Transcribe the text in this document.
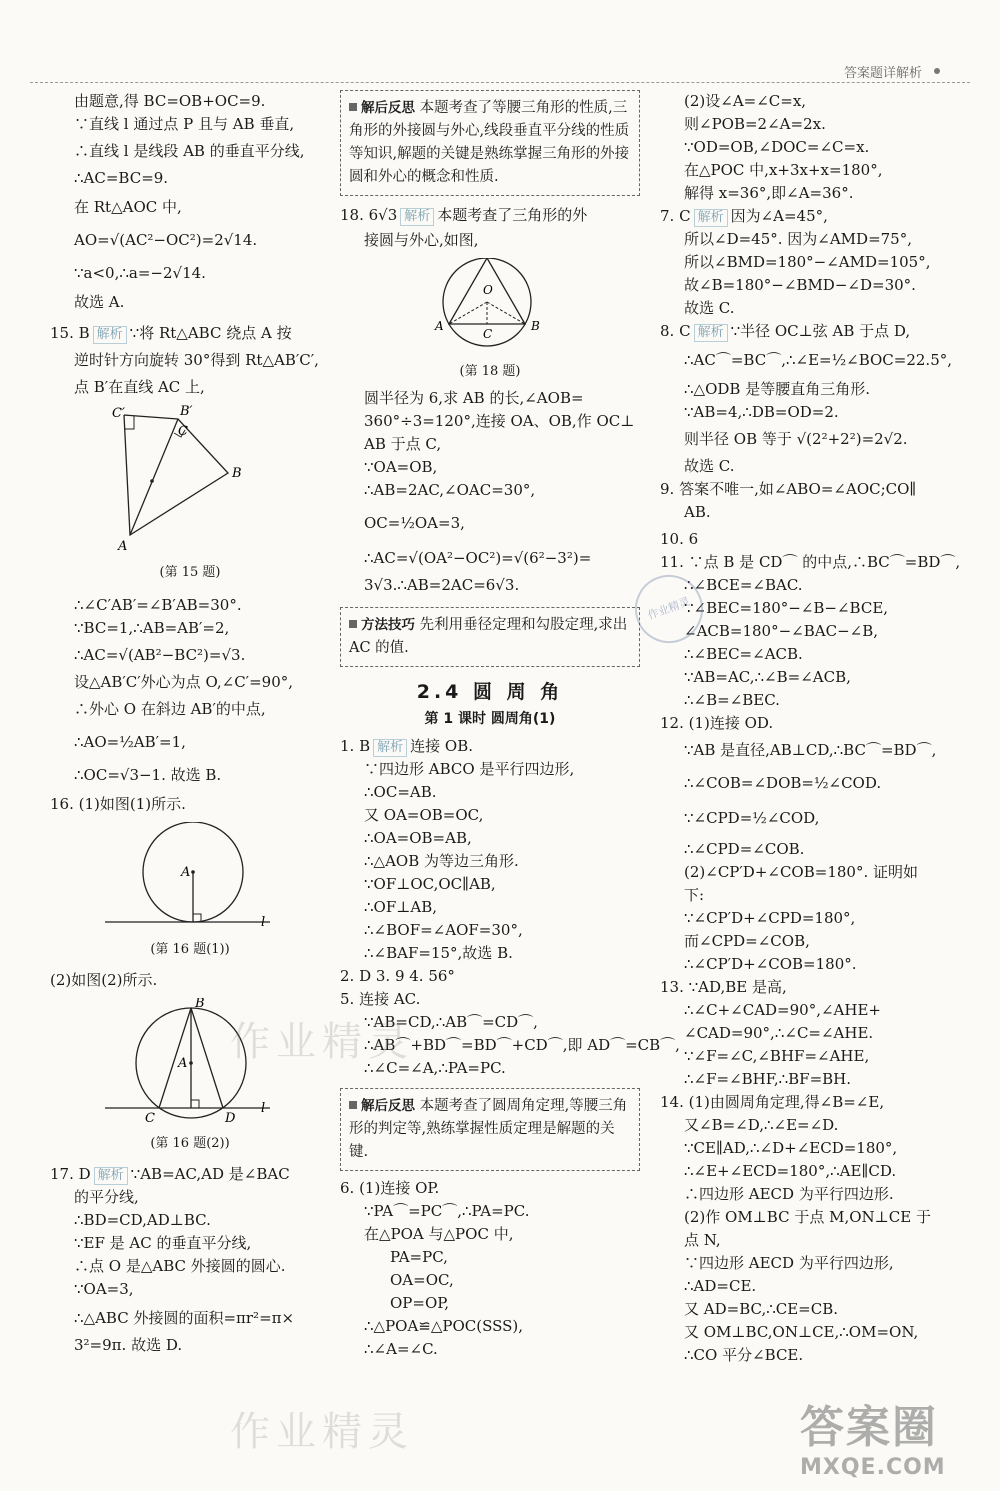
答案题详解析
由题意,得 BC=OB+OC=9.
∵直线 l 通过点 P 且与 AB 垂直,
∴直线 l 是线段 AB 的垂直平分线,
∴AC=BC=9.
在 Rt△AOC 中,
AO=√(AC²−OC²)=2√14.
∵a<0,∴a=−2√14.
故选 A.
15. B 解析 ∵将 Rt△ABC 绕点 A 按
逆时针方向旋转 30°得到 Rt△AB′C′,
点 B′在直线 AC 上,
C′	B′
C
B
A
(第 15 题)
∴∠C′AB′=∠B′AB=30°.
∵BC=1,∴AB=AB′=2,
∴AC=√(AB²−BC²)=√3.
设△AB′C′外心为点 O,∠C′=90°,
∴外心 O 在斜边 AB′的中点,
∴AO=½AB′=1,
∴OC=√3−1. 故选 B.
16. (1)如图(1)所示.
A
l
(第 16 题(1))
(2)如图(2)所示.
B
A
C	D
l
(第 16 题(2))
17. D 解析 ∵AB=AC,AD 是∠BAC
的平分线,
∴BD=CD,AD⊥BC.
∵EF 是 AC 的垂直平分线,
∴点 O 是△ABC 外接圆的圆心.
∵OA=3,
∴△ABC 外接圆的面积=πr²=π×
3²=9π. 故选 D.
解后反思 本题考查了等腰三角形的性质,三角形的外接圆与外心,线段垂直平分线的性质等知识,解题的关键是熟练掌握三角形的外接圆和外心的概念和性质.
18. 6√3 解析 本题考查了三角形的外
接圆与外心,如图,
O
A	B
C
(第 18 题)
圆半径为 6,求 AB 的长,∠AOB=
360°÷3=120°,连接 OA、OB,作 OC⊥
AB 于点 C,
∵OA=OB,
∴AB=2AC,∠OAC=30°,
OC=½OA=3,
∴AC=√(OA²−OC²)=√(6²−3²)=
3√3.∴AB=2AC=6√3.
方法技巧 先利用垂径定理和勾股定理,求出 AC 的值.
2.4 圆 周 角
第 1 课时 圆周角(1)
1. B 解析 连接 OB.
∵四边形 ABCO 是平行四边形,
∴OC=AB.
又 OA=OB=OC,
∴OA=OB=AB,
∴△AOB 为等边三角形.
∵OF⊥OC,OC∥AB,
∴OF⊥AB,
∴∠BOF=∠AOF=30°,
∴∠BAF=15°,故选 B.
2. D 3. 9 4. 56°
5. 连接 AC.
∵AB=CD,∴AB⌒=CD⌒,
∴AB⌒+BD⌒=BD⌒+CD⌒,即 AD⌒=CB⌒,
∴∠C=∠A,∴PA=PC.
解后反思 本题考查了圆周角定理,等腰三角形的判定等,熟练掌握性质定理是解题的关键.
6. (1)连接 OP.
∵PA⌒=PC⌒,∴PA=PC.
在△POA 与△POC 中,
PA=PC,
OA=OC,
OP=OP,
∴△POA≌△POC(SSS),
∴∠A=∠C.
(2)设∠A=∠C=x,
则∠POB=2∠A=2x.
∵OD=OB,∠DOC=∠C=x.
在△POC 中,x+3x+x=180°,
解得 x=36°,即∠A=36°.
7. C 解析 因为∠A=45°,
所以∠D=45°. 因为∠AMD=75°,
所以∠BMD=180°−∠AMD=105°,
故∠B=180°−∠BMD−∠D=30°.
故选 C.
8. C 解析 ∵半径 OC⊥弦 AB 于点 D,
∴AC⌒=BC⌒,∴∠E=½∠BOC=22.5°,
∴△ODB 是等腰直角三角形.
∵AB=4,∴DB=OD=2.
则半径 OB 等于 √(2²+2²)=2√2.
故选 C.
9. 答案不唯一,如∠ABO=∠AOC;CO∥
AB.
10. 6
11. ∵点 B 是 CD⌒ 的中点,∴BC⌒=BD⌒,
∴∠BCE=∠BAC.
∵∠BEC=180°−∠B−∠BCE,
∠ACB=180°−∠BAC−∠B,
∴∠BEC=∠ACB.
∵AB=AC,∴∠B=∠ACB,
∴∠B=∠BEC.
12. (1)连接 OD.
∵AB 是直径,AB⊥CD,∴BC⌒=BD⌒,
∴∠COB=∠DOB=½∠COD.
∵∠CPD=½∠COD,
∴∠CPD=∠COB.
(2)∠CP′D+∠COB=180°. 证明如
下:
∵∠CP′D+∠CPD=180°,
而∠CPD=∠COB,
∴∠CP′D+∠COB=180°.
13. ∵AD,BE 是高,
∴∠C+∠CAD=90°,∠AHE+
∠CAD=90°,∴∠C=∠AHE.
∵∠F=∠C,∠BHF=∠AHE,
∴∠F=∠BHF,∴BF=BH.
14. (1)由圆周角定理,得∠B=∠E,
又∠B=∠D,∴∠E=∠D.
∵CE∥AD,∴∠D+∠ECD=180°,
∴∠E+∠ECD=180°,∴AE∥CD.
∴四边形 AECD 为平行四边形.
(2)作 OM⊥BC 于点 M,ON⊥CE 于
点 N,
∵四边形 AECD 为平行四边形,
∴AD=CE.
又 AD=BC,∴CE=CB.
又 OM⊥BC,ON⊥CE,∴OM=ON,
∴CO 平分∠BCE.
作业精灵
作业精灵
作业精灵
答案圈
MXQE.COM
